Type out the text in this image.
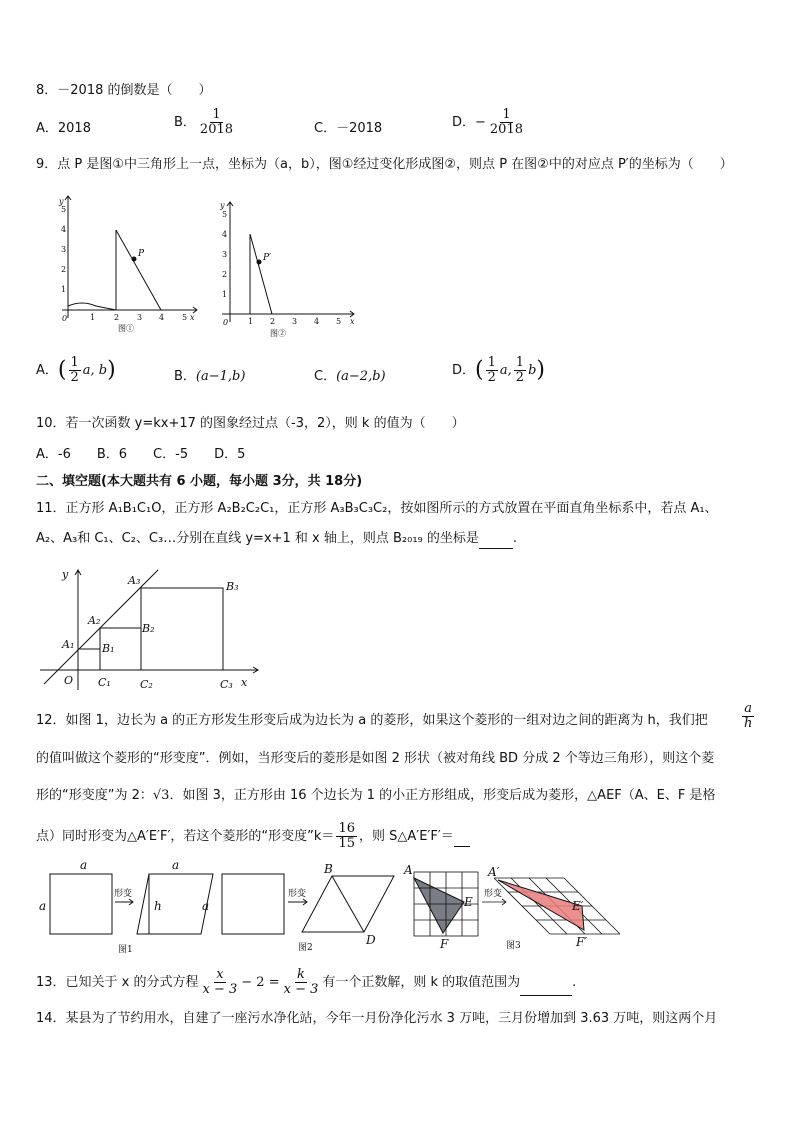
8．－2018 的倒数是（　　）
A．2018	B． $\frac{1}{2018}$	C．－2018	D．− $\frac{1}{2018}$
9．点 P 是图①中三角形上一点，坐标为（a，b），图①经过变化形成图②，则点 P 在图②中的对应点 P′的坐标为（　　）
y
x
0	1 2 3 4 5
1
2
3
4
5
P
图①
y
x
0 1 2 3 4 5
1
2
3
4
5
P′
图②
A．( $\frac{1}{2} a$, b)	B．(a−1,b)	C．(a−2,b)	D．( $\frac{1}{2} a$, $\frac{1}{2} b$)
10．若一次函数 y=kx+17 的图象经过点（-3，2），则 k 的值为（　　）
A．-6　　B．6　　C．-5　　D．5
二、填空题(本大题共有 6 小题，每小题 3分，共 18分)
11．正方形 A₁B₁C₁O，正方形 A₂B₂C₂C₁，正方形 A₃B₃C₃C₂，按如图所示的方式放置在平面直角坐标系中，若点 A₁、
A₂、A₃和 C₁、C₂、C₃…分别在直线 y=x+1 和 x 轴上，则点 B₂₀₁₉ 的坐标是	.
y
x
O
A₁
A₂
A₃
B₁
B₂
B₃
C₁	C₂	C₃
12．如图 1，边长为 a 的正方形发生形变后成为边长为 a 的菱形，如果这个菱形的一组对边之间的距离为 h，我们把	$\frac{a}{h}$
的值叫做这个菱形的“形变度”．例如，当形变后的菱形是如图 2 形状（被对角线 BD 分成 2 个等边三角形），则这个菱
形的“形变度”为 2：√3．如图 3，正方形由 16 个边长为 1 的小正方形组成，形变后成为菱形，△AEF（A、E、F 是格
点）同时形变为△A′E′F′，若这个菱形的“形变度”k＝ $\frac{16}{15}$ ，则 S△A′E′F′＝
a
a
a
h	a
B
D
A
E
F
A′
E′
F′
形变	形变	形变
图1	图2	图3
13．已知关于 x 的分式方程 $\frac{x}{x - 3} - 2 = \frac{k}{x - 3}$ 有一个正数解，则 k 的取值范围为	.
14．某县为了节约用水，自建了一座污水净化站，今年一月份净化污水 3 万吨，三月份增加到 3.63 万吨，则这两个月
